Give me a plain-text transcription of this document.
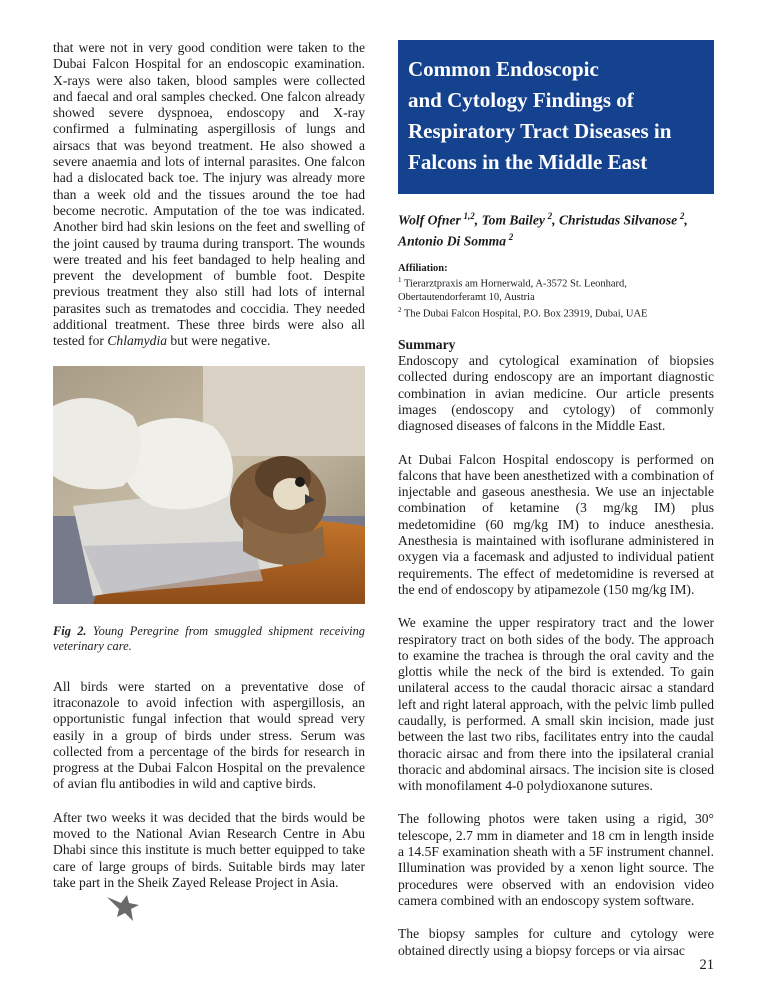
that were not in very good condition were taken to the Dubai Falcon Hospital for an endoscopic examination. X-rays were also taken, blood samples were collected and faecal and oral samples checked. One falcon already showed severe dyspnoea, endoscopy and X-ray confirmed a fulminating aspergillosis of lungs and airsacs that was beyond treatment. He also showed a severe anaemia and lots of internal parasites. One falcon had a dislocated back toe. The injury was already more than a week old and the tissues around the toe had become necrotic. Amputation of the toe was indicated. Another bird had skin lesions on the feet and swelling of the joint caused by trauma during transport. The wounds were treated and his feet bandaged to help healing and prevent the development of bumble foot. Despite previous treatment they also still had lots of internal parasites such as trematodes and coccidia. They needed additional treatment. These three birds were also all tested for Chlamydia but were negative.

Fig 2. Young Peregrine from smuggled shipment receiving veterinary care.

All birds were started on a preventative dose of itraconazole to avoid infection with aspergillosis, an opportunistic fungal infection that would spread very easily in a group of birds under stress. Serum was collected from a percentage of the birds for research in progress at the Dubai Falcon Hospital on the prevalence of avian flu antibodies in wild and captive birds.

After two weeks it was decided that the birds would be moved to the National Avian Research Centre in Abu Dhabi since this institute is much better equipped to take care of large groups of birds. Suitable birds may later take part in the Sheik Zayed Release Project in Asia.

Common Endoscopic
and Cytology Findings of
Respiratory Tract Diseases in
Falcons in the Middle East
Wolf Ofner  $^{1,2}$, Tom Bailey  $^2$, Christudas Silvanose  $^2$, Antonio Di Somma  $^2$
Affiliation:
$^1$ Tierarztpraxis am Hornerwald, A-3572 St. Leonhard, Obertautendorferamt 10, Austria
$^2$ The Dubai Falcon Hospital, P.O. Box 23919, Dubai, UAE
Summary

Endoscopy and cytological examination of biopsies collected during endoscopy are an important diagnostic combination in avian medicine. Our article presents images (endoscopy and cytology) of commonly diagnosed diseases of falcons in the Middle East.

At Dubai Falcon Hospital endoscopy is performed on falcons that have been anesthetized with a combination of injectable and gaseous anesthesia. We use an injectable combination of ketamine (3 mg/kg IM) plus medetomidine (60 mg/kg IM) to induce anesthesia. Anesthesia is maintained with isoflurane administered in oxygen via a facemask and adjusted to individual patient requirements. The effect of medetomidine is reversed at the end of endoscopy by atipamezole (150 mg/kg IM).

We examine the upper respiratory tract and the lower respiratory tract on both sides of the body. The approach to examine the trachea is through the oral cavity and the glottis while the neck of the bird is extended. To gain unilateral access to the caudal thoracic airsac a standard left and right lateral approach, with the pelvic limb pulled caudally, is performed. A small skin incision, made just between the last two ribs, facilitates entry into the caudal thoracic airsac and from there into the ipsilateral cranial thoracic and abdominal airsacs. The incision site is closed with monofilament 4-0 polydioxanone sutures.

The following photos were taken using a rigid, 30° telescope, 2.7 mm in diameter and 18 cm in length inside a 14.5F examination sheath with a 5F instrument channel. Illumination was provided by a xenon light source. The procedures were observed with an endovision video camera combined with an endoscopy system software.

The biopsy samples for culture and cytology were obtained directly using a biopsy forceps or via airsac

21
